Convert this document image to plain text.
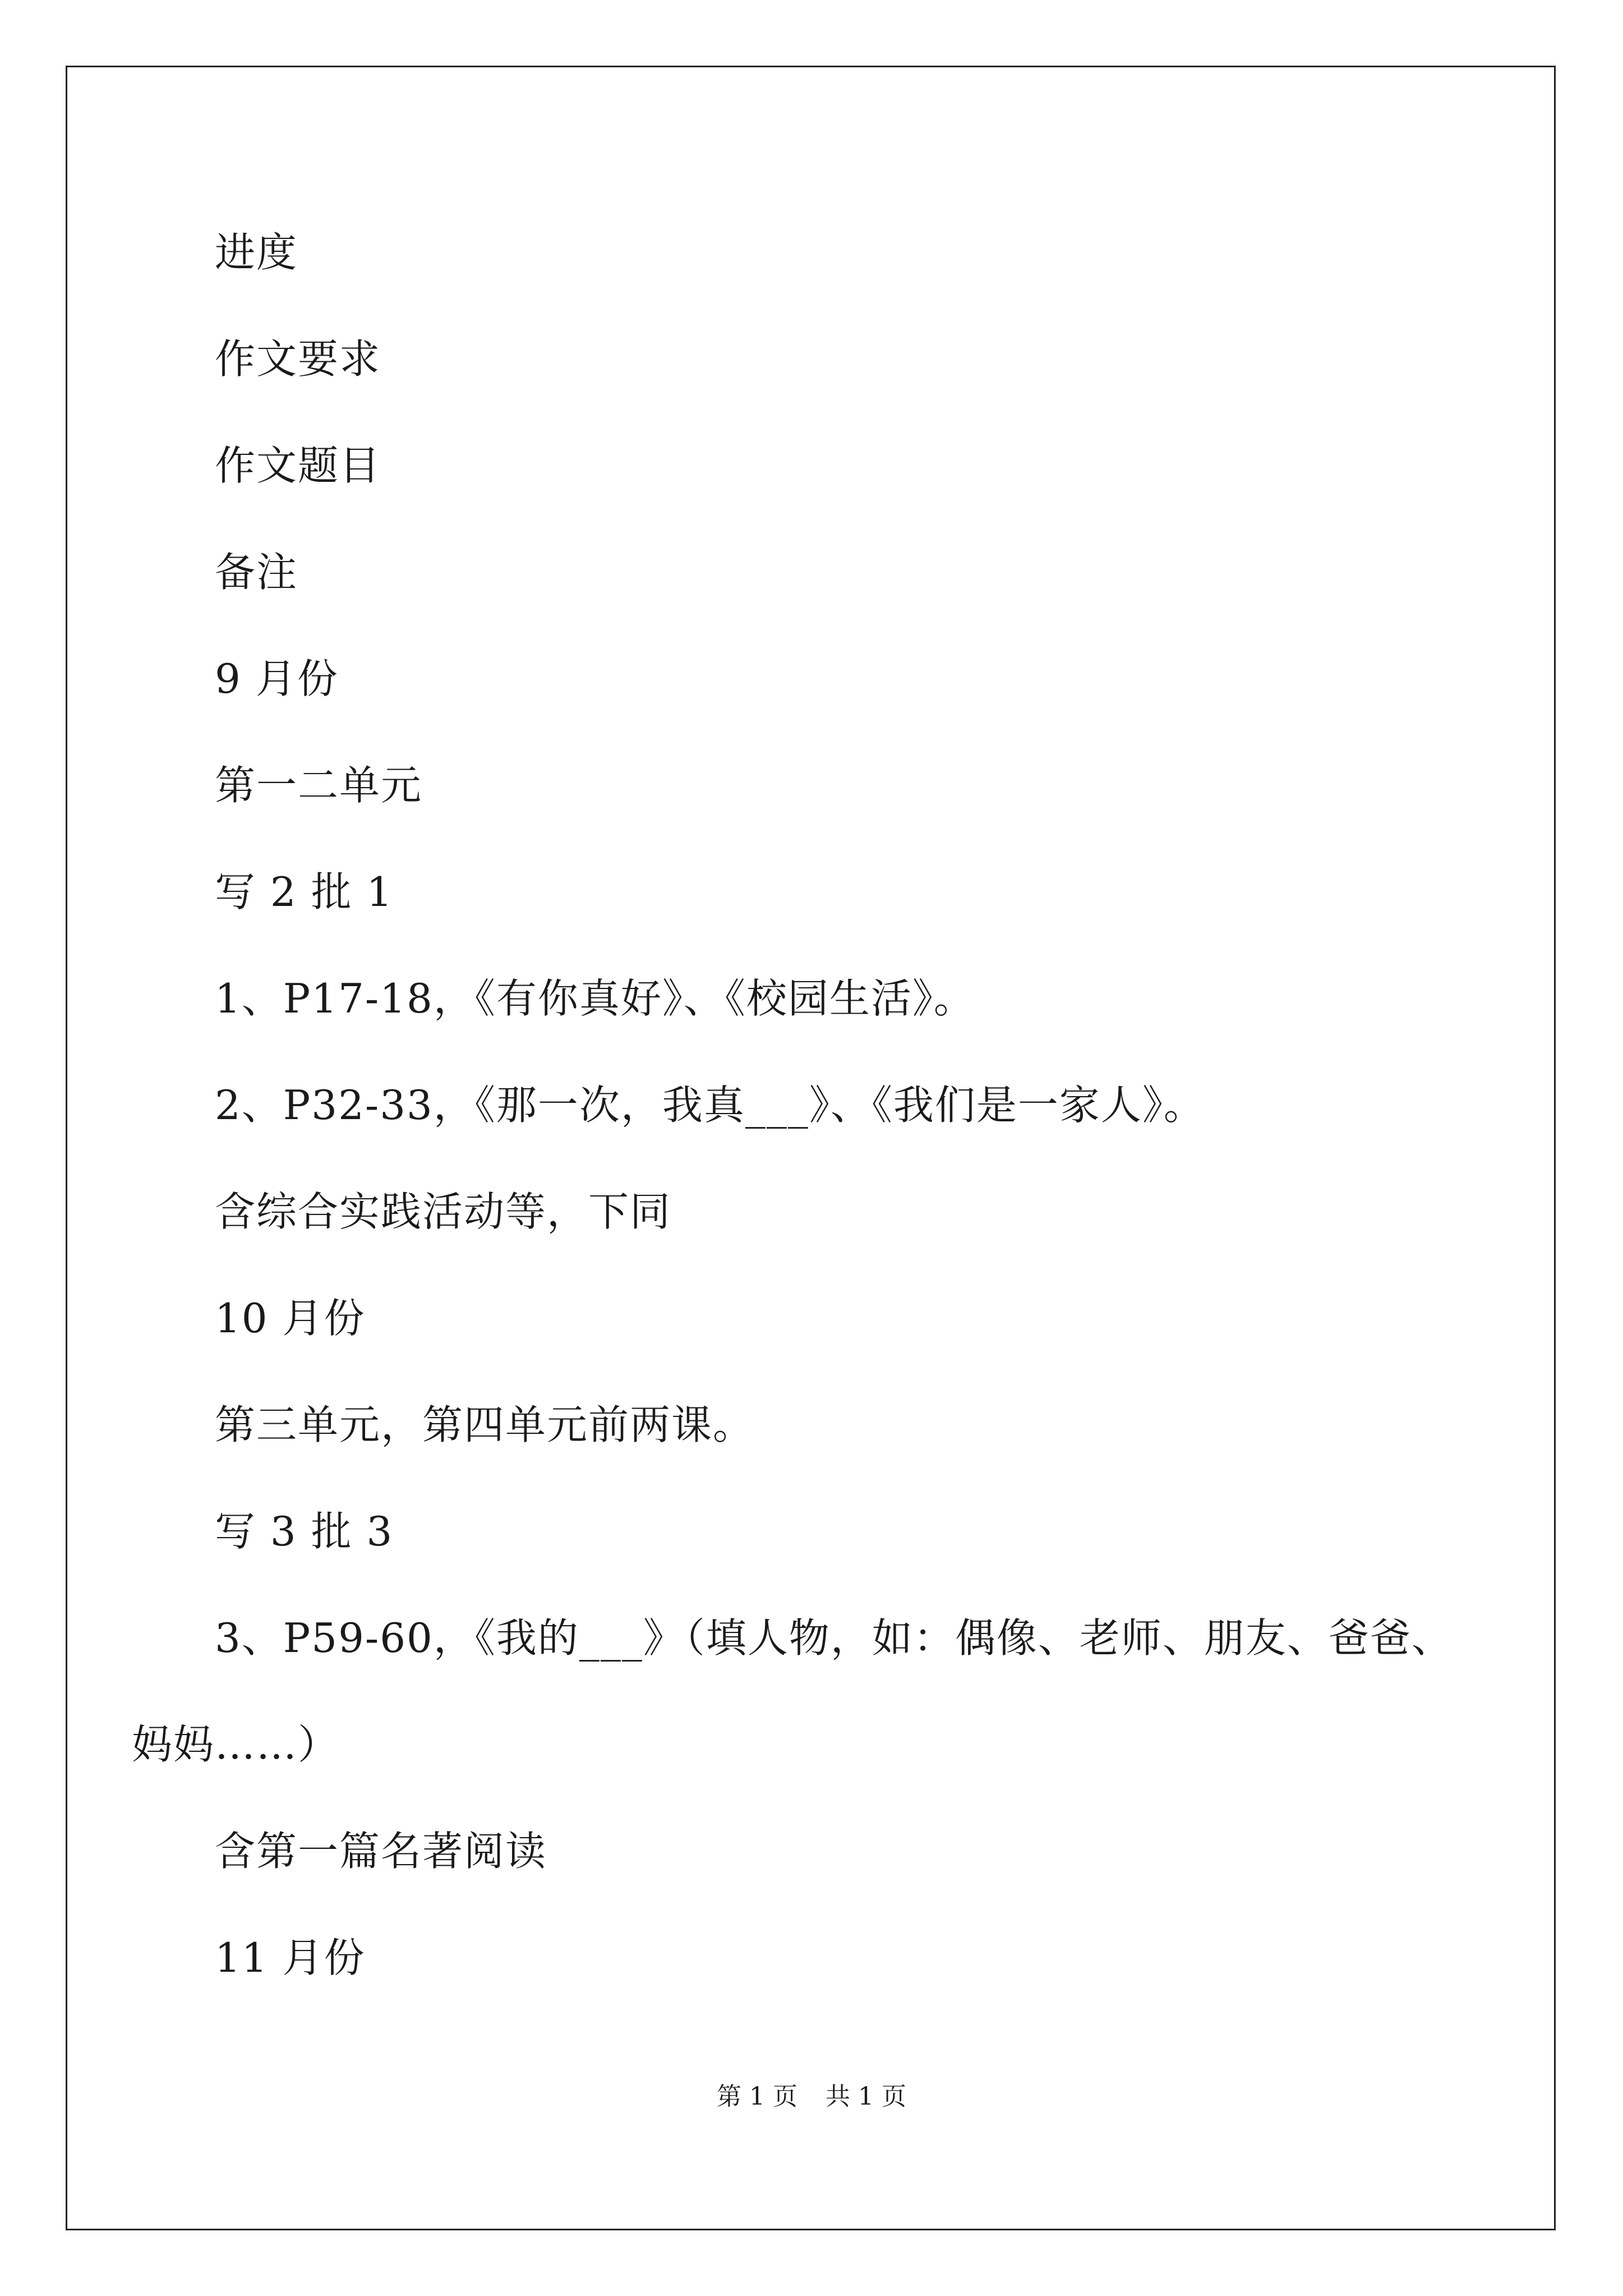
进度
作文要求
作文题目
备注
9 月份
第一二单元
写 2 批 1
1、P17-18，《有你真好》、《校园生活》。
2、P32-33，《那一次，我真___》、《我们是一家人》。
含综合实践活动等，下同
10 月份
第三单元，第四单元前两课。
写 3 批 3
3、P59-60，《我的___》（填人物，如：偶像、老师、朋友、爸爸、
妈妈……）
含第一篇名著阅读
11 月份
第 1 页 共 1 页
